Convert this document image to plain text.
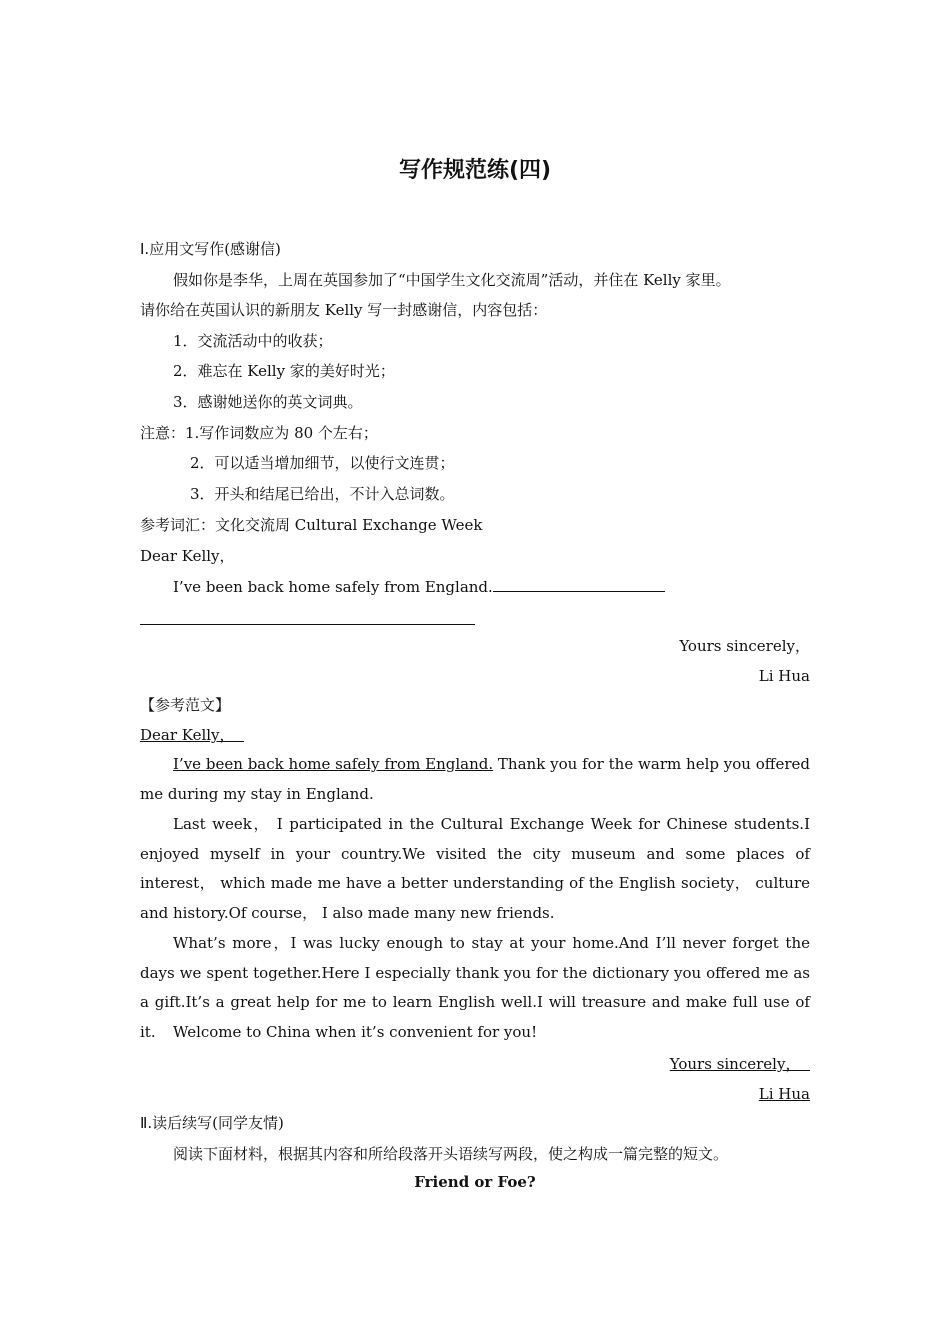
写作规范练(四)
Ⅰ.应用文写作(感谢信)
假如你是李华，上周在英国参加了“中国学生文化交流周”活动，并住在 Kelly 家里。
请你给在英国认识的新朋友 Kelly 写一封感谢信，内容包括：
1．交流活动中的收获；
2．难忘在 Kelly 家的美好时光；
3．感谢她送你的英文词典。
注意：1.写作词数应为 80 个左右；
2．可以适当增加细节，以使行文连贯；
3．开头和结尾已给出，不计入总词数。
参考词汇：文化交流周 Cultural Exchange Week
Dear Kelly，
I’ve been back home safely from England.
Yours sincerely，
Li Hua
【参考范文】
Dear Kelly，
I’ve been back home safely from England. Thank you for the warm help you offered me during my stay in England.
Last week， I participated in the Cultural Exchange Week for Chinese students.I enjoyed myself in your country.We visited the city museum and some places of interest， which made me have a better understanding of the English society， culture and history.Of course， I also made many new friends.
What’s more，I was lucky enough to stay at your home.And I’ll never forget the days we spent together.Here I especially thank you for the dictionary you offered me as a gift.It’s a great help for me to learn English well.I will treasure and make full use of it.	Welcome to China when it’s convenient for you!
Yours sincerely，
Li Hua
Ⅱ.读后续写(同学友情)
阅读下面材料，根据其内容和所给段落开头语续写两段，使之构成一篇完整的短文。
Friend or Foe?
